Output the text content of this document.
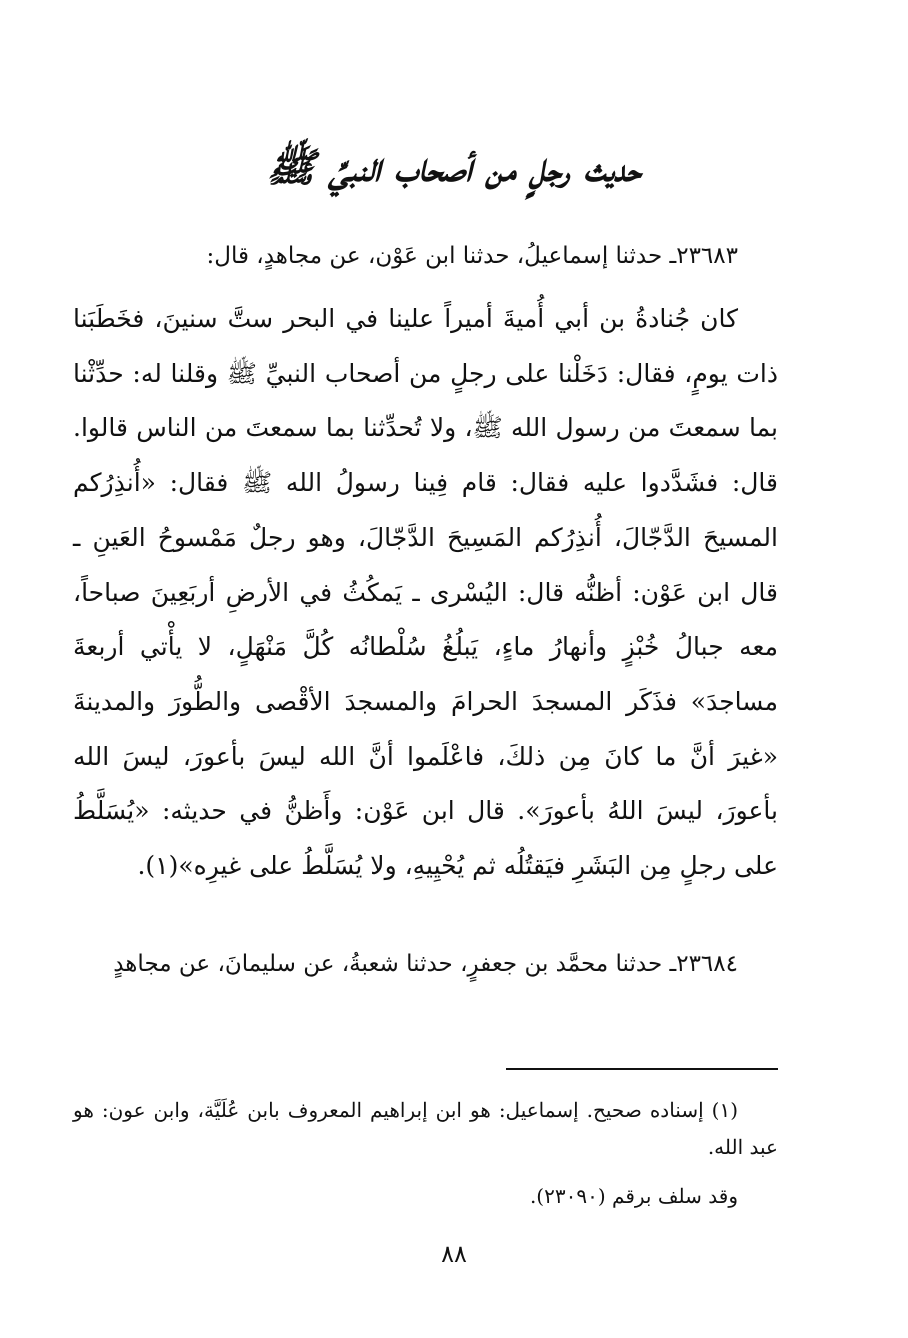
حديث رجلٍ من أصحاب النبيِّ ﷺ
٢٣٦٨٣ـ حدثنا إسماعيلُ، حدثنا ابن عَوْن، عن مجاهدٍ، قال:
كان جُنادةُ بن أبي أُميةَ أميراً علينا في البحر ستَّ سنينَ، فخَطَبَنا ذات يومٍ، فقال: دَخَلْنا على رجلٍ من أصحاب النبيِّ ﷺ وقلنا له: حدِّثْنا بما سمعتَ من رسول الله ﷺ، ولا تُحدِّثنا بما سمعتَ من الناس قالوا. قال: فشَدَّدوا عليه فقال: قام فِينا رسولُ الله ﷺ فقال: «أُنذِرُكم المسيحَ الدَّجّالَ، أُنذِرُكم المَسِيحَ الدَّجّالَ، وهو رجلٌ مَمْسوحُ العَينِ ـ قال ابن عَوْن: أظنُّه قال: اليُسْرى ـ يَمكُثُ في الأرضِ أربَعِينَ صباحاً، معه جبالُ خُبْزٍ وأنهارُ ماءٍ، يَبلُغُ سُلْطانُه كُلَّ مَنْهَلٍ، لا يأْتي أربعةَ مساجدَ» فذَكَر المسجدَ الحرامَ والمسجدَ الأقْصى والطُّورَ والمدينةَ «غيرَ أنَّ ما كانَ مِن ذلكَ، فاعْلَموا أنَّ الله ليسَ بأعورَ، ليسَ الله بأعورَ، ليسَ اللهُ بأعورَ». قال ابن عَوْن: وأَظنُّ في حديثه: «يُسَلَّطُ على رجلٍ مِن البَشَرِ فيَقتُلُه ثم يُحْيِيهِ، ولا يُسَلَّطُ على غيرِه»(١).
٢٣٦٨٤ـ حدثنا محمَّد بن جعفرٍ، حدثنا شعبةُ، عن سليمانَ، عن مجاهدٍ
(١) إسناده صحيح. إسماعيل: هو ابن إبراهيم المعروف بابن عُلَيَّة، وابن عون: هو عبد الله.
وقد سلف برقم (٢٣٠٩٠).
٨٨
